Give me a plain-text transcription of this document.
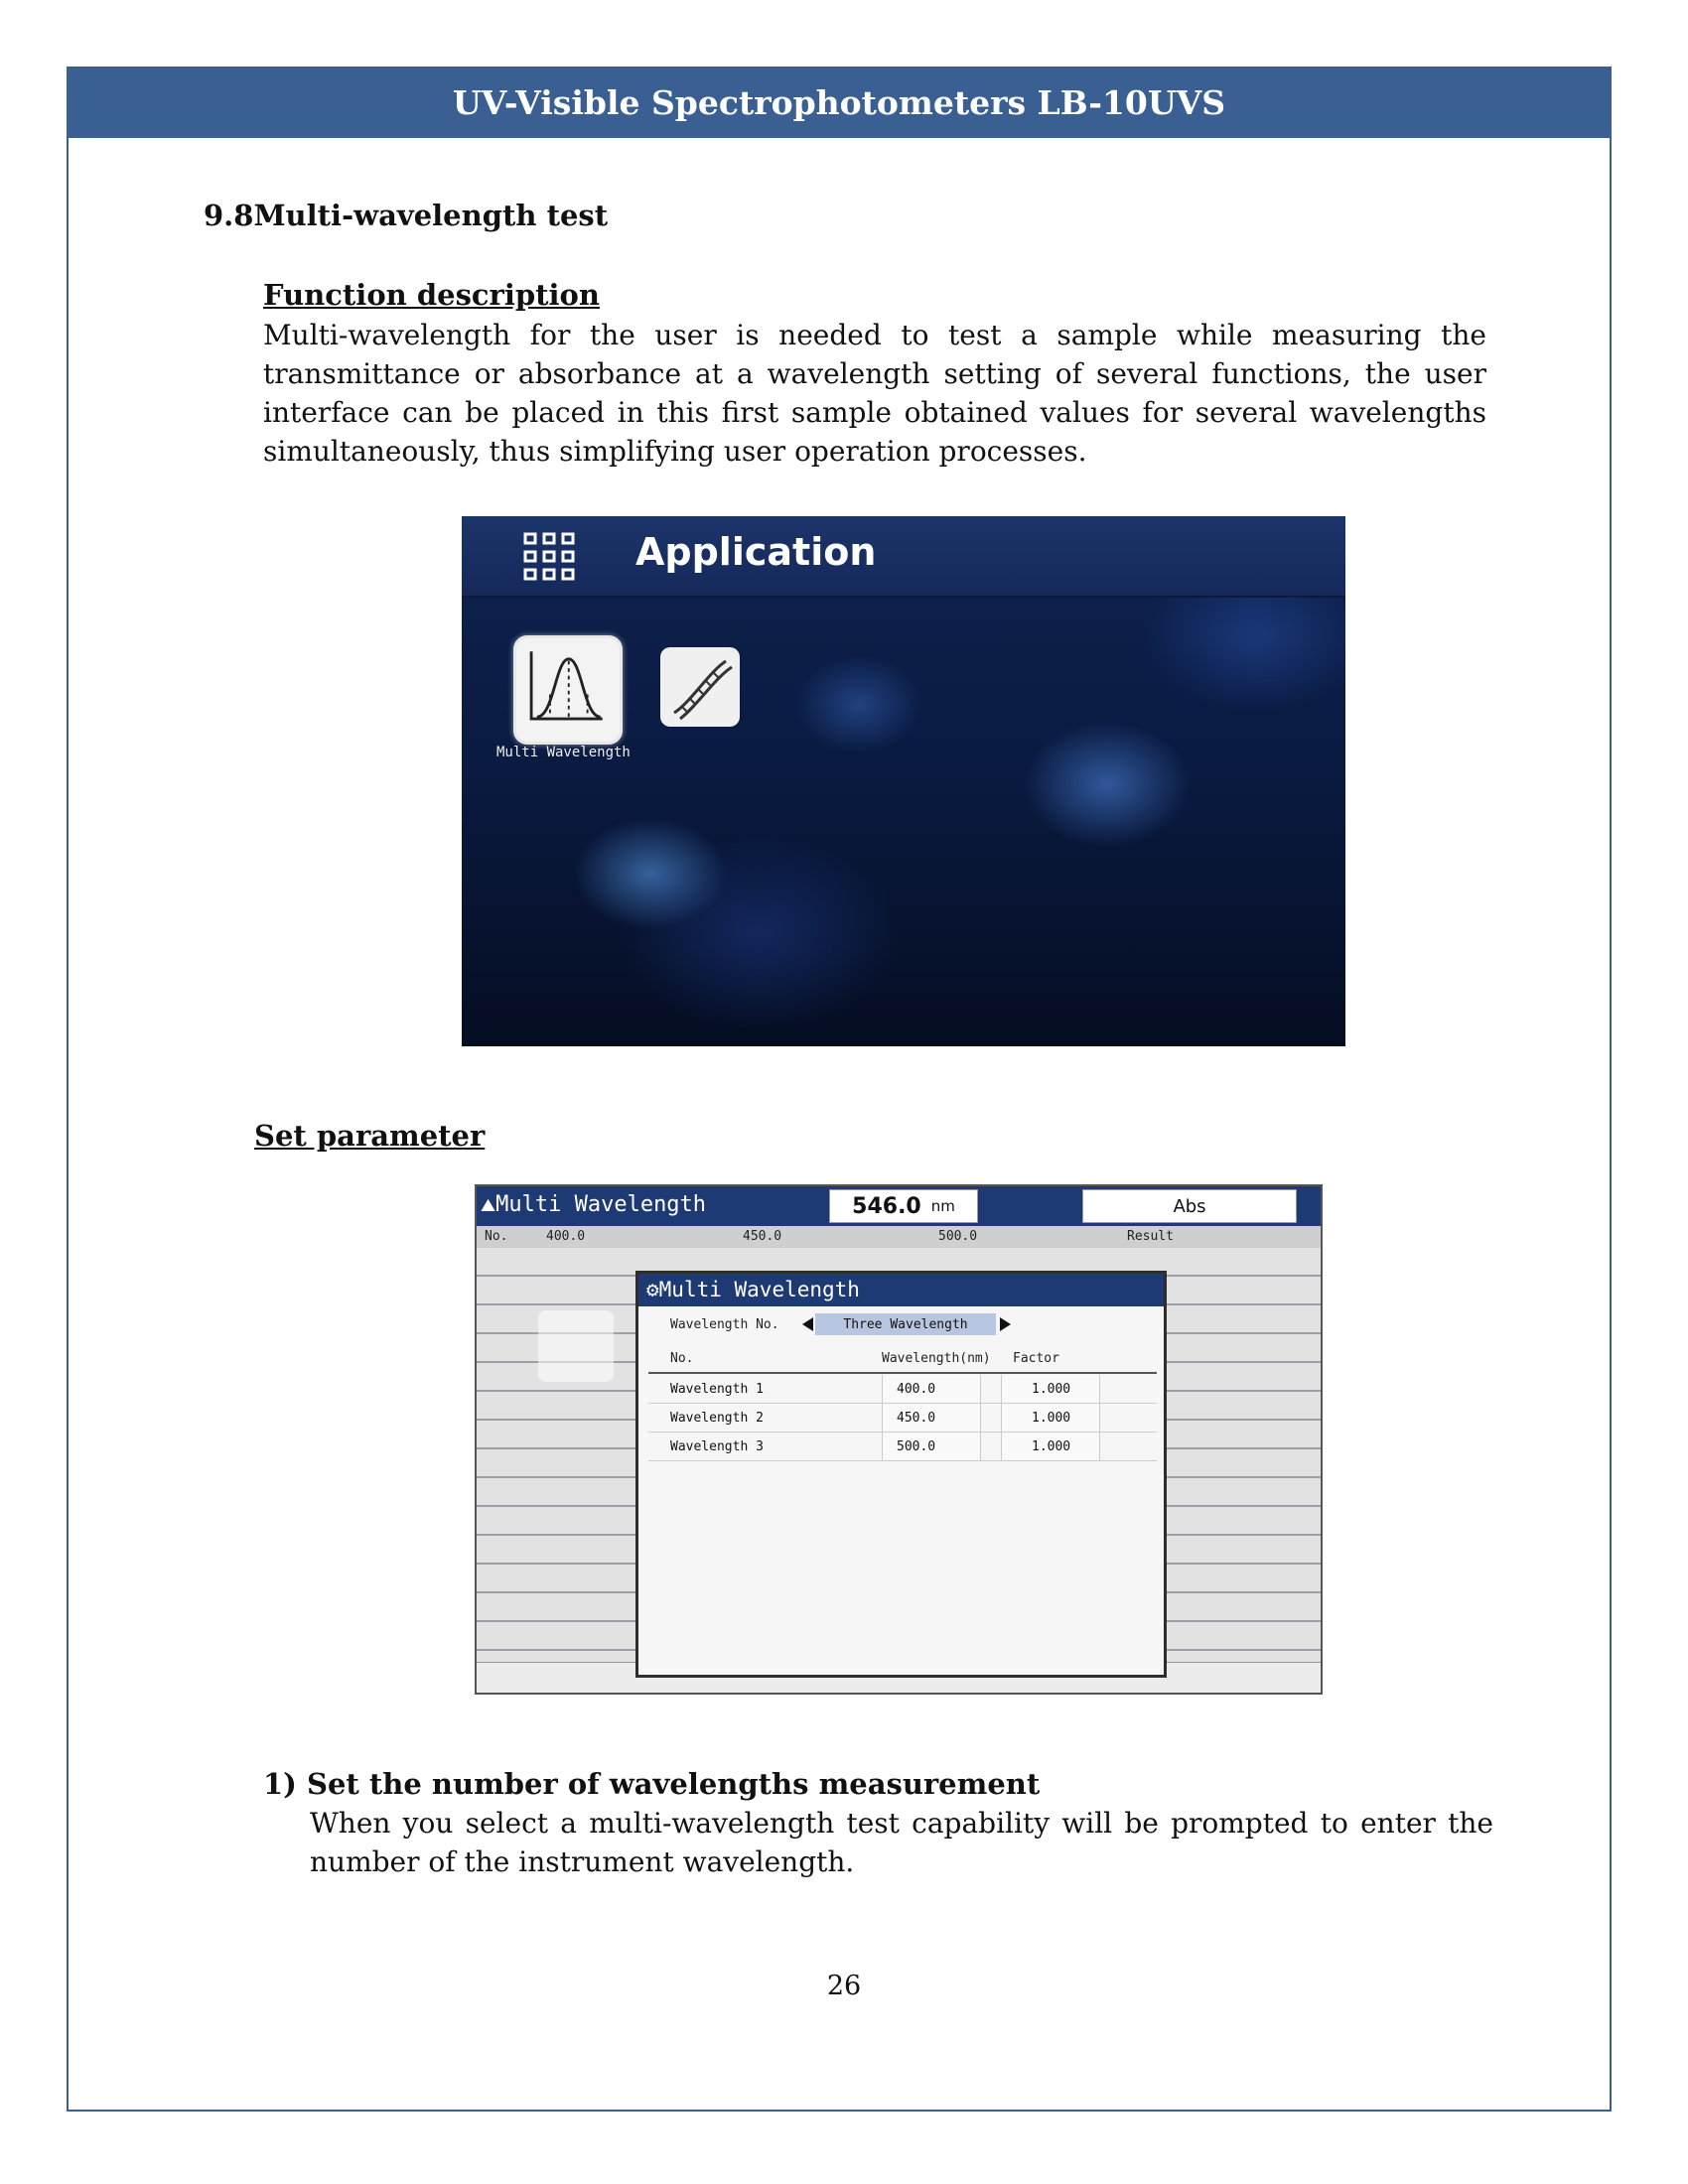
UV-Visible Spectrophotometers LB-10UVS
9.8Multi-wavelength test
Function description
Multi-wavelength for the user is needed to test a sample while measuring the transmittance or absorbance at a wavelength setting of several functions, the user interface can be placed in this first sample obtained values for several wavelengths simultaneously, thus simplifying user operation processes.
Application
Multi Wavelength
Set parameter
⛰Multi Wavelength	546.0 nm	Abs
No.	400.0	450.0	500.0	Result
⚙Multi Wavelength
Wavelength No.	Three Wavelength
No.	Wavelength(nm) Factor
Wavelength 1	400.0	1.000
Wavelength 2	450.0	1.000
Wavelength 3	500.0	1.000
1) Set the number of wavelengths measurement
When you select a multi-wavelength test capability will be prompted to enter the number of the instrument wavelength.
26
